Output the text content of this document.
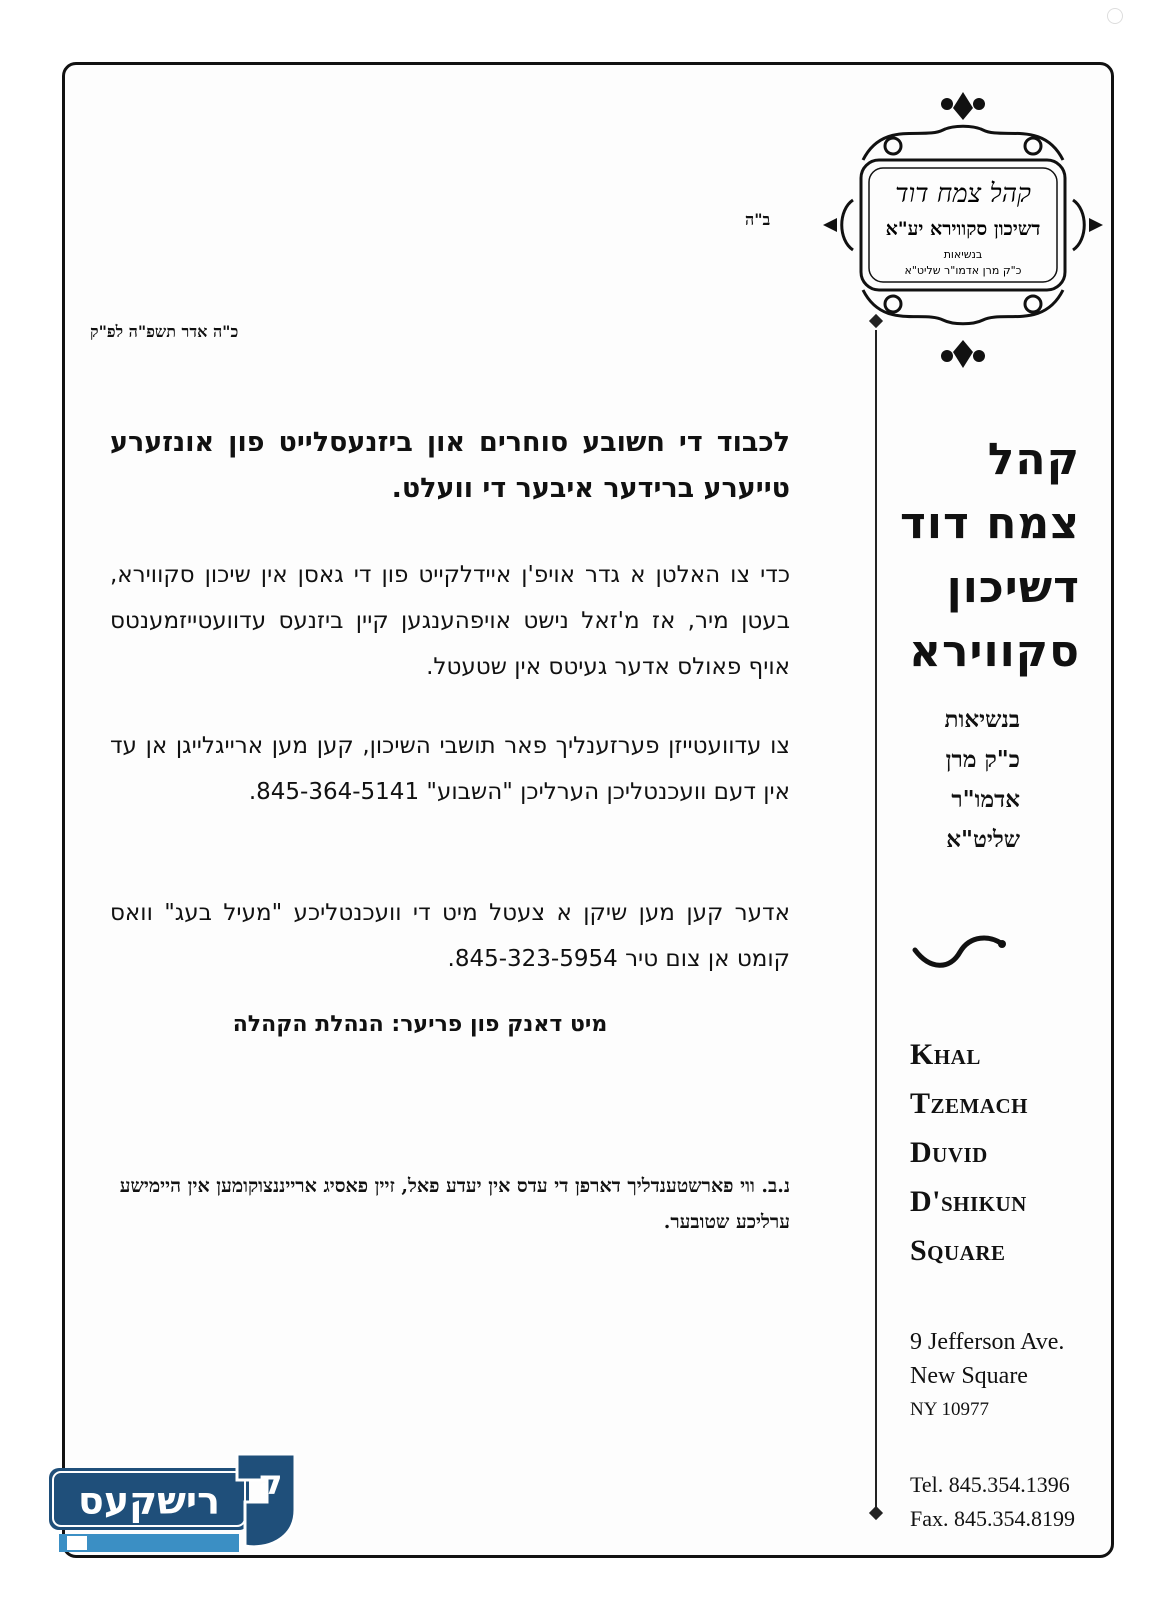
קהל צמח דוד
דשיכון סקווירא יע"א
בנשיאות
כ"ק מרן אדמו"ר שליט"א
ב"ה
כ"ה אדר תשפ"ה לפ"ק
לכבוד די חשובע סוחרים און ביזנעסלייט פון אונזערע טייערע ברידער איבער די וועלט.
כדי צו האלטן א גדר אויפ'ן איידלקייט פון די גאסן אין שיכון סקווירא, בעטן מיר, אז מ'זאל נישט אויפהענגען קיין ביזנעס עדוועטייזמענטס אויף פאולס אדער געיטס אין שטעטל.
צו עדוועטייזן פערזענליך פאר תושבי השיכון, קען מען ארייגלייגן אן עד אין דעם וועכנטליכן הערליכן "השבוע" 845-364-5141.
אדער קען מען שיקן א צעטל מיט די וועכנטליכע "מעיל בעג" וואס קומט אן צום טיר 845-323-5954.
מיט דאנק פון פריער: הנהלת הקהלה
נ.ב. ווי פארשטענדליך דארפן די עדס אין יעדע פאל, זיין פאסיג ארייננצוקומען אין היימישע ערליכע שטובער.
קהל
צמח דוד
דשיכון
סקווירא
בנשיאות
כ"ק מרן
אדמו"ר
שליט"א
Khal
Tzemach
Duvid
D'shikun
Square
9 Jefferson Ave.
New Square
NY 10977
Tel. 845.354.1396
Fax. 845.354.8199
ק
רישקעס
